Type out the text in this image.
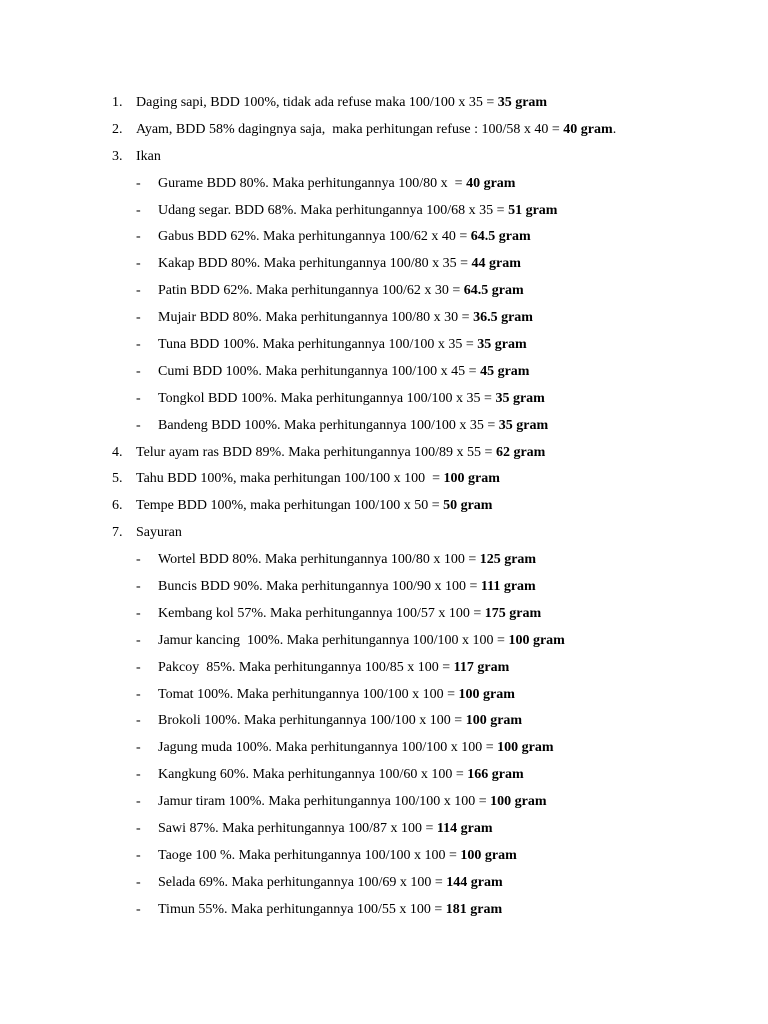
1. Daging sapi, BDD 100%, tidak ada refuse maka 100/100 x 35 = 35 gram
2. Ayam, BDD 58% dagingnya saja,  maka perhitungan refuse : 100/58 x 40 = 40 gram.
3. Ikan
- Gurame BDD 80%. Maka perhitungannya 100/80 x  = 40 gram
- Udang segar. BDD 68%. Maka perhitungannya 100/68 x 35 = 51 gram
- Gabus BDD 62%. Maka perhitungannya 100/62 x 40 = 64.5 gram
- Kakap BDD 80%. Maka perhitungannya 100/80 x 35 = 44 gram
- Patin BDD 62%. Maka perhitungannya 100/62 x 30 = 64.5 gram
- Mujair BDD 80%. Maka perhitungannya 100/80 x 30 = 36.5 gram
- Tuna BDD 100%. Maka perhitungannya 100/100 x 35 = 35 gram
- Cumi BDD 100%. Maka perhitungannya 100/100 x 45 = 45 gram
- Tongkol BDD 100%. Maka perhitungannya 100/100 x 35 = 35 gram
- Bandeng BDD 100%. Maka perhitungannya 100/100 x 35 = 35 gram
4. Telur ayam ras BDD 89%. Maka perhitungannya 100/89 x 55 = 62 gram
5. Tahu BDD 100%, maka perhitungan 100/100 x 100  = 100 gram
6. Tempe BDD 100%, maka perhitungan 100/100 x 50 = 50 gram
7. Sayuran
- Wortel BDD 80%. Maka perhitungannya 100/80 x 100 = 125 gram
- Buncis BDD 90%. Maka perhitungannya 100/90 x 100 = 111 gram
- Kembang kol 57%. Maka perhitungannya 100/57 x 100 = 175 gram
- Jamur kancing  100%. Maka perhitungannya 100/100 x 100 = 100 gram
- Pakcoy  85%. Maka perhitungannya 100/85 x 100 = 117 gram
- Tomat 100%. Maka perhitungannya 100/100 x 100 = 100 gram
- Brokoli 100%. Maka perhitungannya 100/100 x 100 = 100 gram
- Jagung muda 100%. Maka perhitungannya 100/100 x 100 = 100 gram
- Kangkung 60%. Maka perhitungannya 100/60 x 100 = 166 gram
- Jamur tiram 100%. Maka perhitungannya 100/100 x 100 = 100 gram
- Sawi 87%. Maka perhitungannya 100/87 x 100 = 114 gram
- Taoge 100 %. Maka perhitungannya 100/100 x 100 = 100 gram
- Selada 69%. Maka perhitungannya 100/69 x 100 = 144 gram
- Timun 55%. Maka perhitungannya 100/55 x 100 = 181 gram
